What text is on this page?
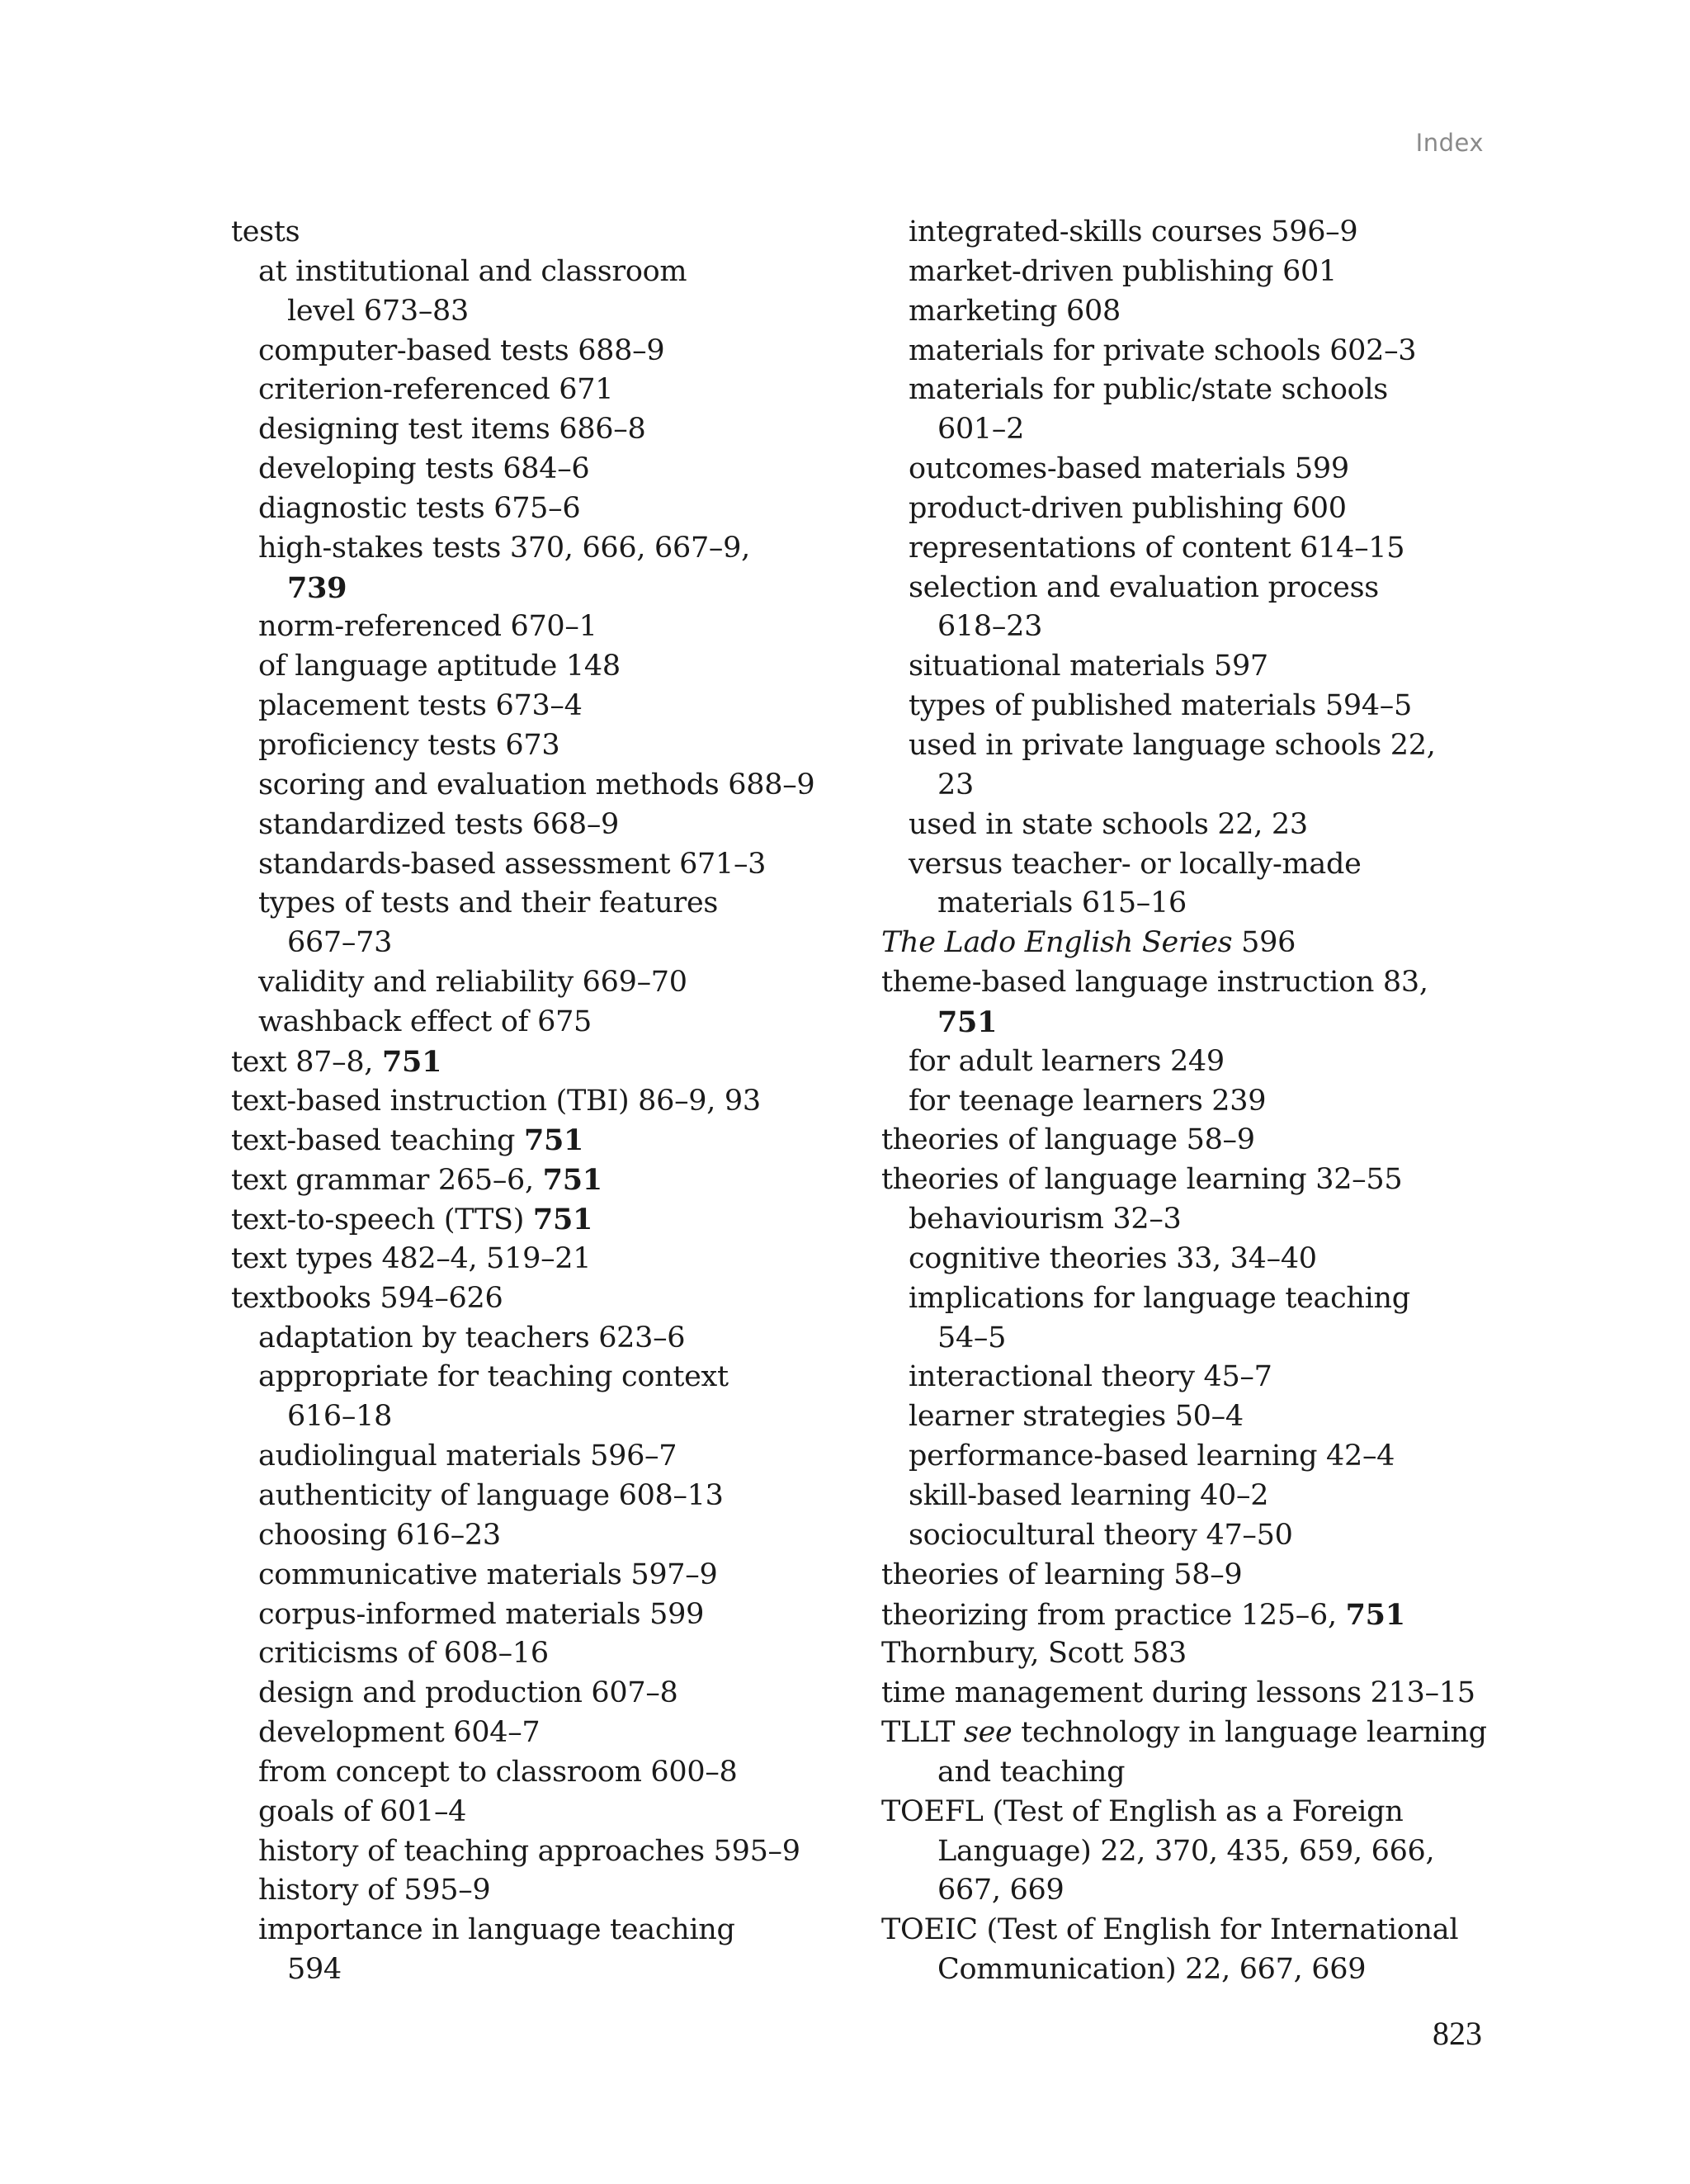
Index
tests
at institutional and classroom
level 673–83
computer-based tests 688–9
criterion-referenced 671
designing test items 686–8
developing tests 684–6
diagnostic tests 675–6
high-stakes tests 370, 666, 667–9,
739
norm-referenced 670–1
of language aptitude 148
placement tests 673–4
proficiency tests 673
scoring and evaluation methods 688–9
standardized tests 668–9
standards-based assessment 671–3
types of tests and their features
667–73
validity and reliability 669–70
washback effect of 675
text 87–8, 751
text-based instruction (TBI) 86–9, 93
text-based teaching 751
text grammar 265–6, 751
text-to-speech (TTS) 751
text types 482–4, 519–21
textbooks 594–626
adaptation by teachers 623–6
appropriate for teaching context
616–18
audiolingual materials 596–7
authenticity of language 608–13
choosing 616–23
communicative materials 597–9
corpus-informed materials 599
criticisms of 608–16
design and production 607–8
development 604–7
from concept to classroom 600–8
goals of 601–4
history of teaching approaches 595–9
history of 595–9
importance in language teaching
594
integrated-skills courses 596–9
market-driven publishing 601
marketing 608
materials for private schools 602–3
materials for public/state schools
601–2
outcomes-based materials 599
product-driven publishing 600
representations of content 614–15
selection and evaluation process
618–23
situational materials 597
types of published materials 594–5
used in private language schools 22,
23
used in state schools 22, 23
versus teacher- or locally-made
materials 615–16
The Lado English Series 596
theme-based language instruction 83,
751
for adult learners 249
for teenage learners 239
theories of language 58–9
theories of language learning 32–55
behaviourism 32–3
cognitive theories 33, 34–40
implications for language teaching
54–5
interactional theory 45–7
learner strategies 50–4
performance-based learning 42–4
skill-based learning 40–2
sociocultural theory 47–50
theories of learning 58–9
theorizing from practice 125–6, 751
Thornbury, Scott 583
time management during lessons 213–15
TLLT see technology in language learning
and teaching
TOEFL (Test of English as a Foreign
Language) 22, 370, 435, 659, 666,
667, 669
TOEIC (Test of English for International
Communication) 22, 667, 669
823
